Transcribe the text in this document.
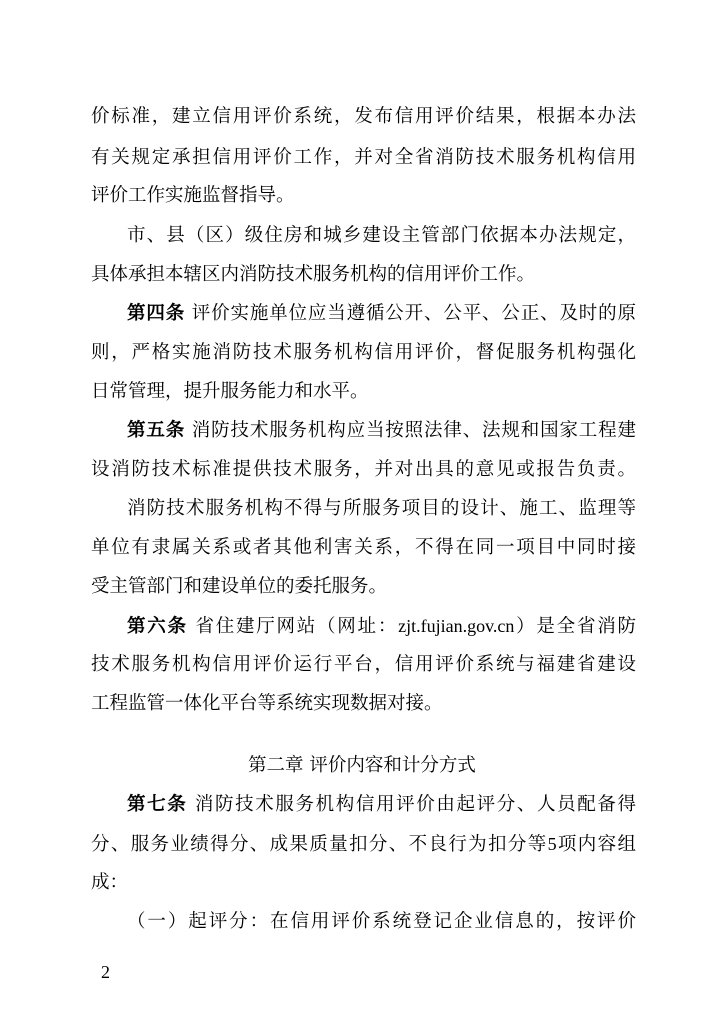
价标准，建立信用评价系统，发布信用评价结果，根据本办法
有关规定承担信用评价工作，并对全省消防技术服务机构信用
评价工作实施监督指导。
市、县（区）级住房和城乡建设主管部门依据本办法规定，
具体承担本辖区内消防技术服务机构的信用评价工作。
第四条 评价实施单位应当遵循公开、公平、公正、及时的原
则，严格实施消防技术服务机构信用评价，督促服务机构强化
日常管理，提升服务能力和水平。
第五条 消防技术服务机构应当按照法律、法规和国家工程建
设消防技术标准提供技术服务，并对出具的意见或报告负责。
消防技术服务机构不得与所服务项目的设计、施工、监理等
单位有隶属关系或者其他利害关系，不得在同一项目中同时接
受主管部门和建设单位的委托服务。
第六条 省住建厅网站（网址：zjt.fujian.gov.cn）是全省消防
技术服务机构信用评价运行平台，信用评价系统与福建省建设
工程监管一体化平台等系统实现数据对接。
第二章 评价内容和计分方式
第七条 消防技术服务机构信用评价由起评分、人员配备得
分、服务业绩得分、成果质量扣分、不良行为扣分等5项内容组
成：
（一）起评分：在信用评价系统登记企业信息的，按评价
2
